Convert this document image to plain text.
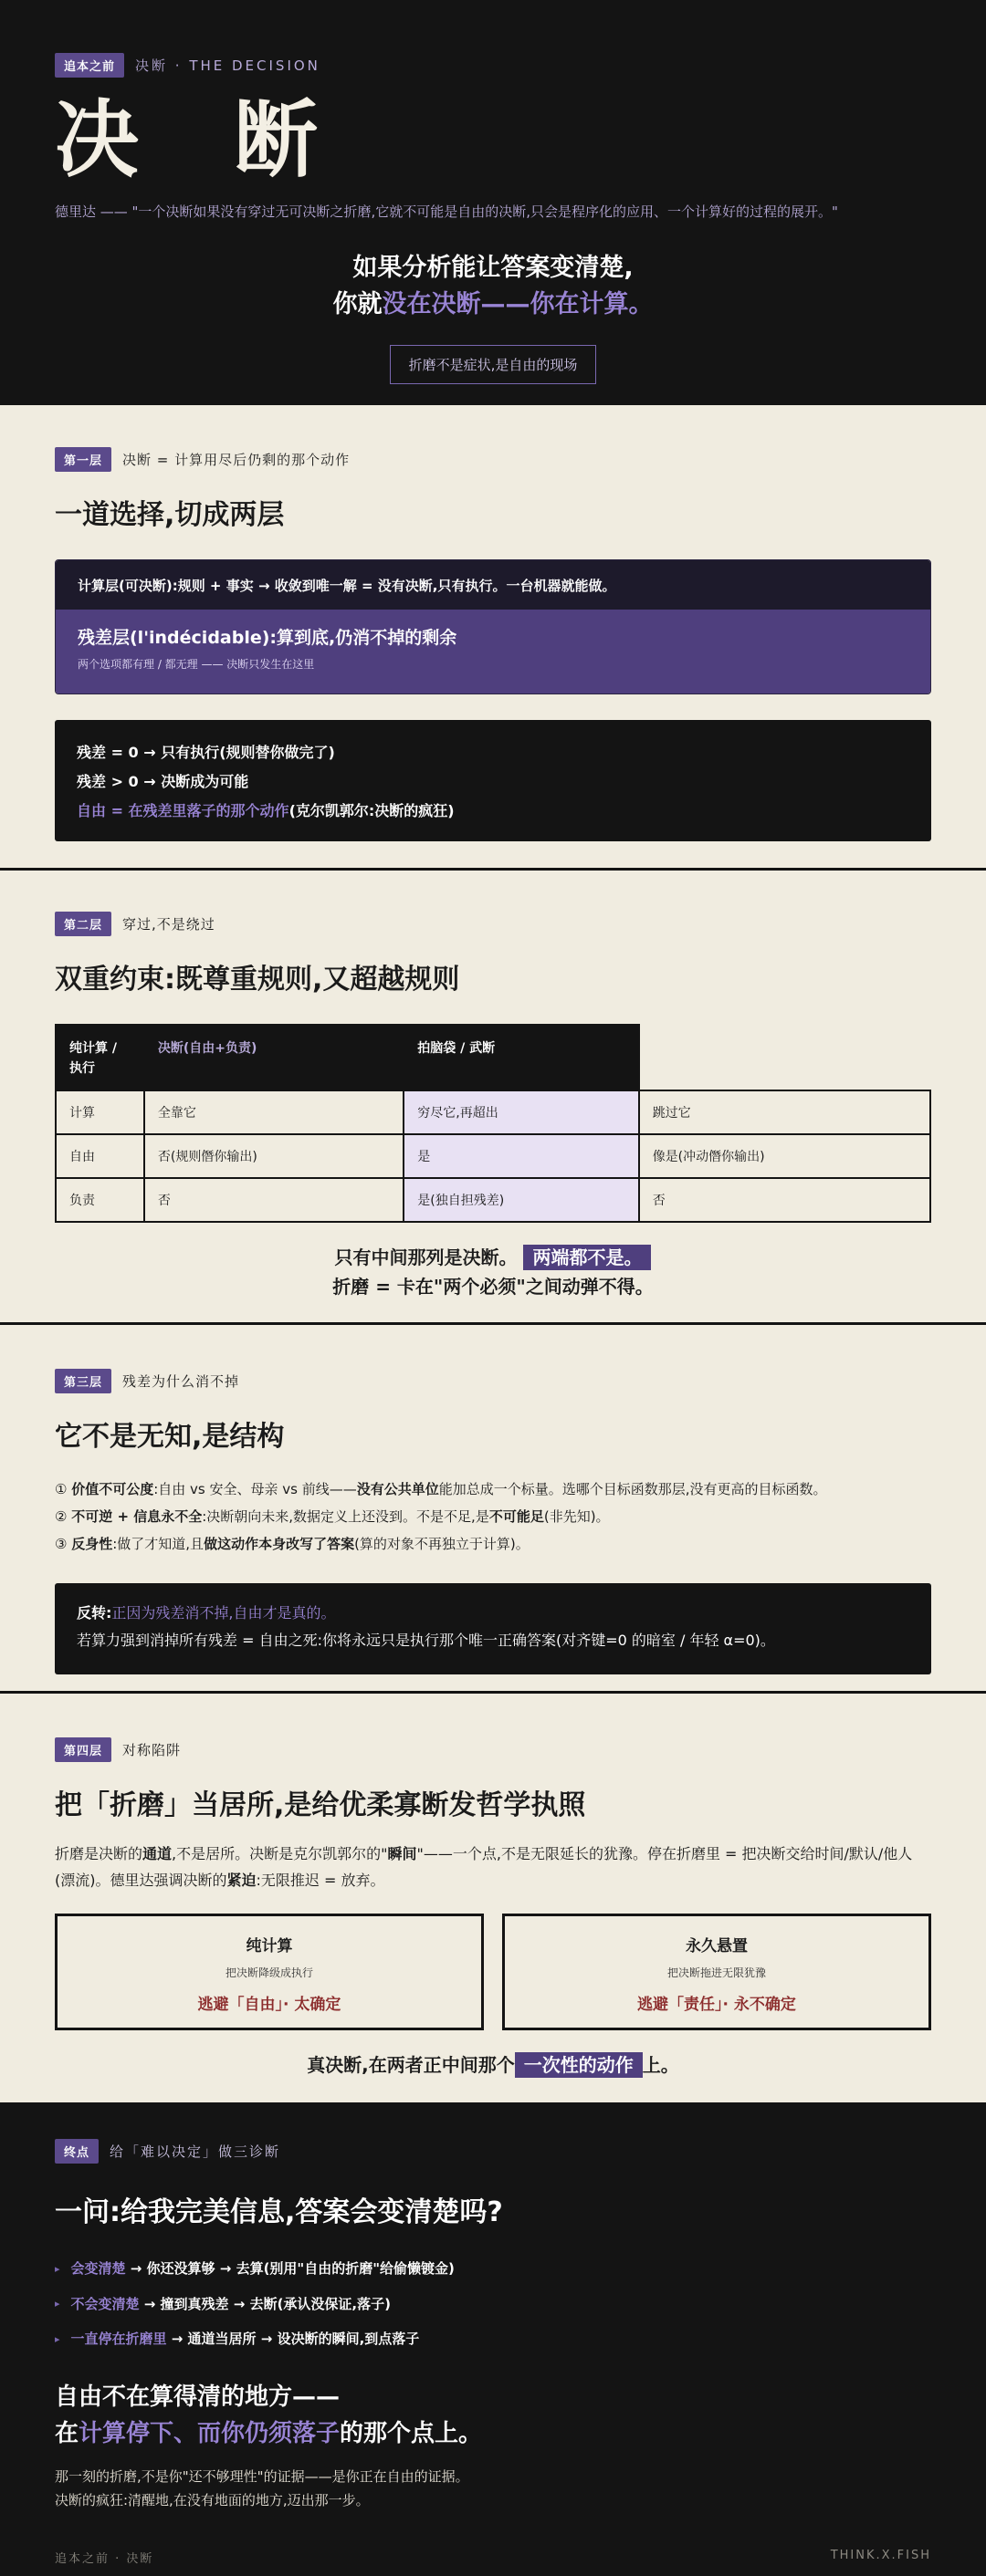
追本之前	决断 · THE DECISION
决 断
德里达 —— "一个决断如果没有穿过无可决断之折磨,它就不可能是自由的决断,只会是程序化的应用、一个计算好的过程的展开。"
如果分析能让答案变清楚,
你就没在决断——你在计算。
折磨不是症状,是自由的现场
第一层	决断 = 计算用尽后仍剩的那个动作
一道选择,切成两层
计算层(可决断):规则 + 事实 → 收敛到唯一解 = 没有决断,只有执行。一台机器就能做。
残差层(l'indécidable):算到底,仍消不掉的剩余
两个选项都有理 / 都无理 —— 决断只发生在这里
残差 = 0 → 只有执行(规则替你做完了)
残差 > 0 → 决断成为可能
自由 = 在残差里落子的那个动作(克尔凯郭尔:决断的疯狂)
第二层	穿过,不是绕过
双重约束:既尊重规则,又超越规则
纯计算 / 执行	决断(自由+负责)	拍脑袋 / 武断	
计算	全靠它	穷尽它,再超出	跳过它
自由	否(规则僭你输出)	是	像是(冲动僭你输出)
负责	否	是(独自担残差)	否
只有中间那列是决断。 两端都不是。
折磨 = 卡在"两个必须"之间动弹不得。
第三层	残差为什么消不掉
它不是无知,是结构
① 价值不可公度:自由 vs 安全、母亲 vs 前线——没有公共单位能加总成一个标量。选哪个目标函数那层,没有更高的目标函数。
② 不可逆 + 信息永不全:决断朝向未来,数据定义上还没到。不是不足,是不可能足(非先知)。
③ 反身性:做了才知道,且做这动作本身改写了答案(算的对象不再独立于计算)。
反转:正因为残差消不掉,自由才是真的。
若算力强到消掉所有残差 = 自由之死:你将永远只是执行那个唯一正确答案(对齐键=0 的暗室 / 年轻 α=0)。
第四层	对称陷阱
把「折磨」当居所,是给优柔寡断发哲学执照
折磨是决断的通道,不是居所。决断是克尔凯郭尔的"瞬间"——一个点,不是无限延长的犹豫。停在折磨里 = 把决断交给时间/默认/他人(漂流)。德里达强调决断的紧迫:无限推迟 = 放弃。
纯计算
把决断降级成执行
逃避「自由」· 太确定
永久悬置
把决断拖进无限犹豫
逃避「责任」· 永不确定
真决断,在两者正中间那个 一次性的动作 上。
终点	给「难以决定」做三诊断
一问:给我完美信息,答案会变清楚吗?
▸ 会变清楚 → 你还没算够 → 去算(别用"自由的折磨"给偷懒镀金)
▸ 不会变清楚 → 撞到真残差 → 去断(承认没保证,落子)
▸ 一直停在折磨里 → 通道当居所 → 设决断的瞬间,到点落子
自由不在算得清的地方——
在计算停下、而你仍须落子的那个点上。
那一刻的折磨,不是你"还不够理性"的证据——是你正在自由的证据。
决断的疯狂:清醒地,在没有地面的地方,迈出那一步。
追本之前 · 决断	THINK.X.FISH
